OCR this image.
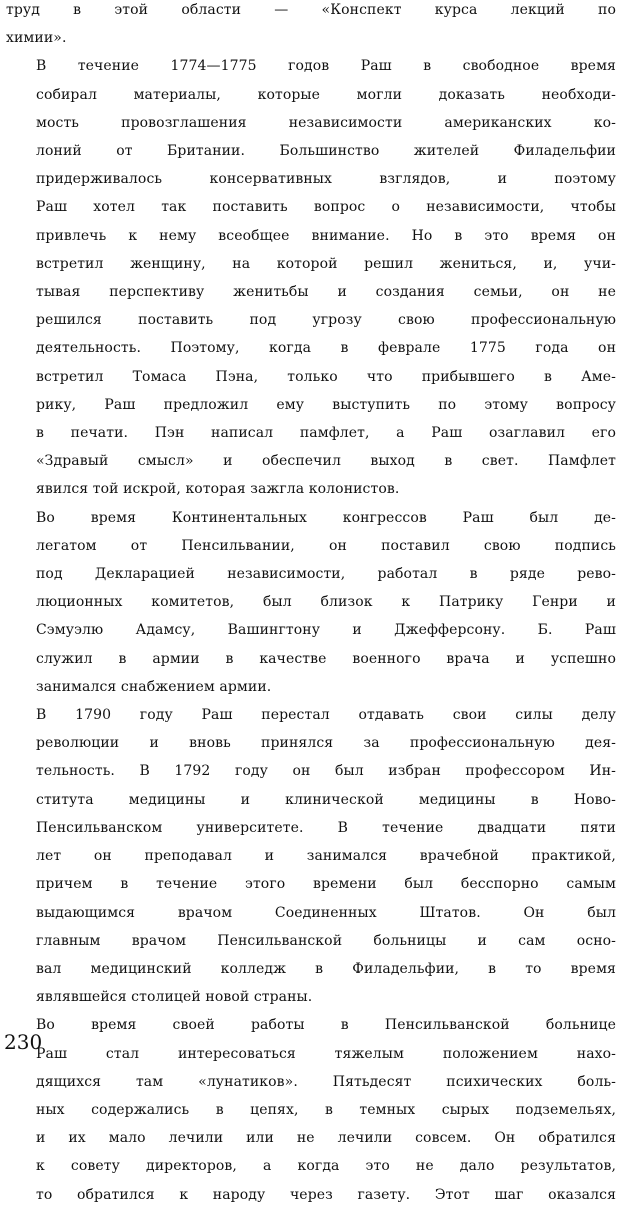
труд в этой области — «Конспект курса лекций по
химии».
В течение 1774—1775 годов Раш в свободное время
собирал материалы, которые могли доказать необходи-
мость провозглашения независимости американских ко-
лоний от Британии. Большинство жителей Филадельфии
придерживалось консервативных взглядов, и поэтому
Раш хотел так поставить вопрос о независимости, чтобы
привлечь к нему всеобщее внимание. Но в это время он
встретил женщину, на которой решил жениться, и, учи-
тывая перспективу женитьбы и создания семьи, он не
решился поставить под угрозу свою профессиональную
деятельность. Поэтому, когда в феврале 1775 года он
встретил Томаса Пэна, только что прибывшего в Аме-
рику, Раш предложил ему выступить по этому вопросу
в печати. Пэн написал памфлет, а Раш озаглавил его
«Здравый смысл» и обеспечил выход в свет. Памфлет
явился той искрой, которая зажгла колонистов.
Во время Континентальных конгрессов Раш был де-
легатом от Пенсильвании, он поставил свою подпись
под Декларацией независимости, работал в ряде рево-
люционных комитетов, был близок к Патрику Генри и
Сэмуэлю Адамсу, Вашингтону и Джефферсону. Б. Раш
служил в армии в качестве военного врача и успешно
занимался снабжением армии.
В 1790 году Раш перестал отдавать свои силы делу
революции и вновь принялся за профессиональную дея-
тельность. В 1792 году он был избран профессором Ин-
ститута медицины и клинической медицины в Ново-
Пенсильванском университете. В течение двадцати пяти
лет он преподавал и занимался врачебной практикой,
причем в течение этого времени был бесспорно самым
выдающимся врачом Соединенных Штатов. Он был
главным врачом Пенсильванской больницы и сам осно-
вал медицинский колледж в Филадельфии, в то время
являвшейся столицей новой страны.
Во время своей работы в Пенсильванской больнице
Раш стал интересоваться тяжелым положением нахо-
дящихся там «лунатиков». Пятьдесят психических боль-
ных содержались в цепях, в темных сырых подземельях,
и их мало лечили или не лечили совсем. Он обратился
к совету директоров, а когда это не дало результатов,
то обратился к народу через газету. Этот шаг оказался
230
